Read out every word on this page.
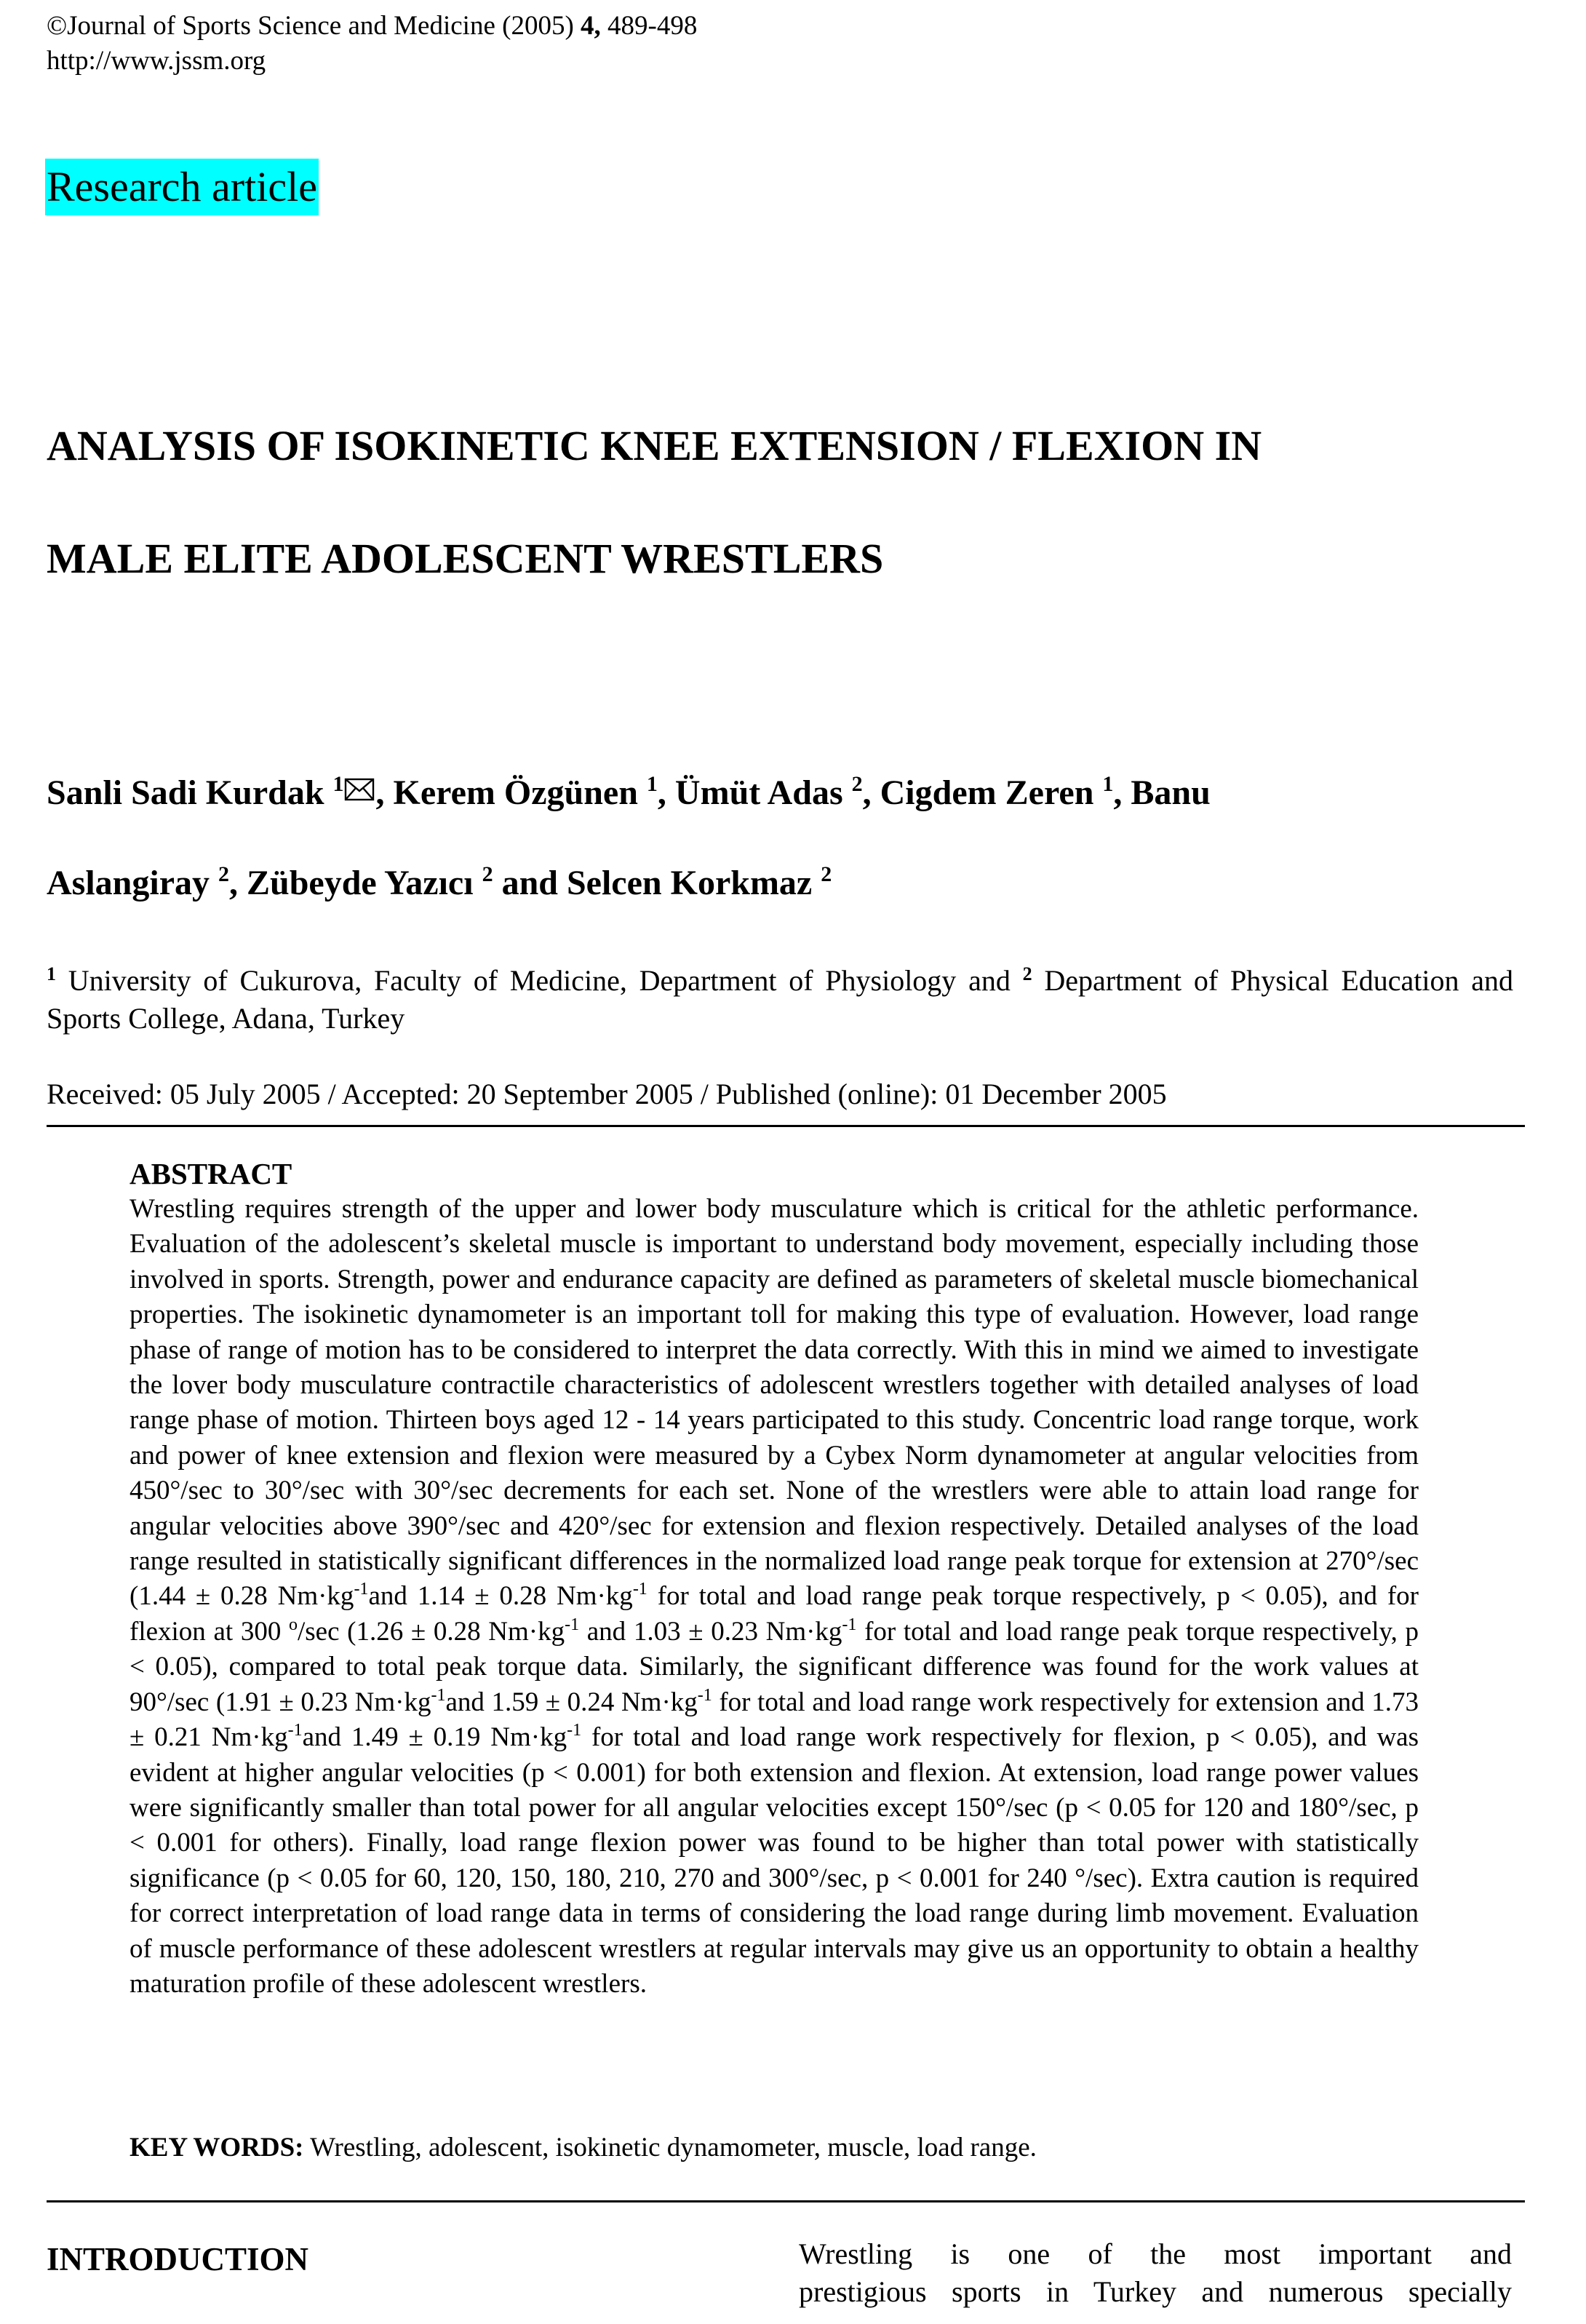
©Journal of Sports Science and Medicine (2005) 4, 489-498
http://www.jssm.org
Research article
ANALYSIS OF ISOKINETIC KNEE EXTENSION / FLEXION IN
MALE ELITE ADOLESCENT WRESTLERS
Sanli Sadi Kurdak $^1$ , Kerem Özgünen $^1$, Ümüt Adas $^2$, Cigdem Zeren $^1$, Banu
Aslangiray $^2$, Zübeyde Yazıcı $^2$ and Selcen Korkmaz $^2$
$^1$ University of Cukurova, Faculty of Medicine, Department of Physiology and $^2$ Department of Physical Education and Sports College, Adana, Turkey
Received: 05 July 2005 / Accepted: 20 September 2005 / Published (online): 01 December 2005
ABSTRACT
Wrestling requires strength of the upper and lower body musculature which is critical for the athletic performance. Evaluation of the adolescent’s skeletal muscle is important to understand body movement, especially including those involved in sports. Strength, power and endurance capacity are defined as parameters of skeletal muscle biomechanical properties. The isokinetic dynamometer is an important toll for making this type of evaluation. However, load range phase of range of motion has to be considered to interpret the data correctly. With this in mind we aimed to investigate the lover body musculature contractile characteristics of adolescent wrestlers together with detailed analyses of load range phase of motion. Thirteen boys aged 12 - 14 years participated to this study. Concentric load range torque, work and power of knee extension and flexion were measured by a Cybex Norm dynamometer at angular velocities from 450°/sec to 30°/sec with 30°/sec decrements for each set. None of the wrestlers were able to attain load range for angular velocities above 390°/sec and 420°/sec for extension and flexion respectively. Detailed analyses of the load range resulted in statistically significant differences in the normalized load range peak torque for extension at 270°/sec (1.44 ± 0.28 $Nm\cdot kg^{-1}and$ 1.14 ± 0.28 $Nm\cdot kg^{-1}$ for total and load range peak torque respectively, p < 0.05), and for flexion at 300 $^o$/sec (1.26 ± 0.28 $Nm\cdot kg^{-1}$ and 1.03 ± 0.23 $Nm\cdot kg^{-1}$ for total and load range peak torque respectively, p < 0.05), compared to total peak torque data. Similarly, the significant difference was found for the work values at 90°/sec (1.91 ± 0.23 $Nm\cdot kg^{-1}and$ 1.59 ± 0.24 $Nm\cdot kg^{-1}$ for total and load range work respectively for extension and 1.73 ± 0.21 $Nm\cdot kg^{-1}and$ 1.49 ± 0.19 $Nm\cdot kg^{-1}$ for total and load range work respectively for flexion, p < 0.05), and was evident at higher angular velocities (p < 0.001) for both extension and flexion. At extension, load range power values were significantly smaller than total power for all angular velocities except 150°/sec (p < 0.05 for 120 and 180°/sec, p < 0.001 for others). Finally, load range flexion power was found to be higher than total power with statistically significance (p < 0.05 for 60, 120, 150, 180, 210, 270 and 300°/sec, p < 0.001 for 240 °/sec). Extra caution is required for correct interpretation of load range data in terms of considering the load range during limb movement. Evaluation of muscle performance of these adolescent wrestlers at regular intervals may give us an opportunity to obtain a healthy maturation profile of these adolescent wrestlers.
KEY WORDS: Wrestling, adolescent, isokinetic dynamometer, muscle, load range.
INTRODUCTION	Wrestling is one of the most important and
prestigious sports in Turkey and numerous specially
